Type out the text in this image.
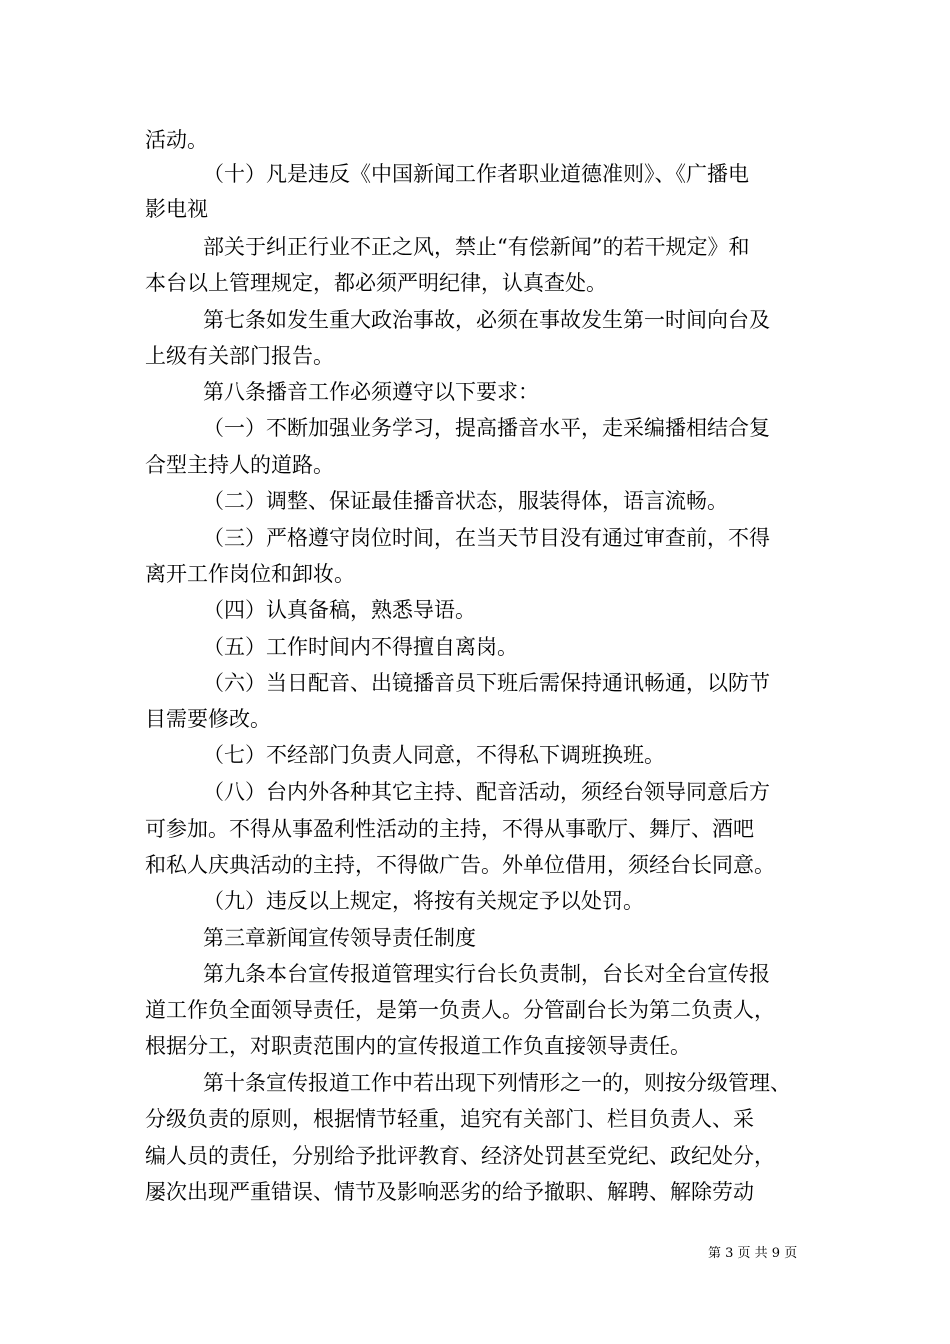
活动。
（十）凡是违反《中国新闻工作者职业道德准则》、《广播电
影电视
部关于纠正行业不正之风，禁止“有偿新闻”的若干规定》和
本台以上管理规定，都必须严明纪律，认真查处。
第七条如发生重大政治事故，必须在事故发生第一时间向台及
上级有关部门报告。
第八条播音工作必须遵守以下要求：
（一）不断加强业务学习，提高播音水平，走采编播相结合复
合型主持人的道路。
（二）调整、保证最佳播音状态，服装得体，语言流畅。
（三）严格遵守岗位时间，在当天节目没有通过审查前，不得
离开工作岗位和卸妆。
（四）认真备稿，熟悉导语。
（五）工作时间内不得擅自离岗。
（六）当日配音、出镜播音员下班后需保持通讯畅通，以防节
目需要修改。
（七）不经部门负责人同意，不得私下调班换班。
（八）台内外各种其它主持、配音活动，须经台领导同意后方
可参加。不得从事盈利性活动的主持，不得从事歌厅、舞厅、酒吧
和私人庆典活动的主持，不得做广告。外单位借用，须经台长同意。
（九）违反以上规定，将按有关规定予以处罚。
第三章新闻宣传领导责任制度
第九条本台宣传报道管理实行台长负责制，台长对全台宣传报
道工作负全面领导责任，是第一负责人。分管副台长为第二负责人，
根据分工，对职责范围内的宣传报道工作负直接领导责任。
第十条宣传报道工作中若出现下列情形之一的，则按分级管理、
分级负责的原则，根据情节轻重，追究有关部门、栏目负责人、采
编人员的责任，分别给予批评教育、经济处罚甚至党纪、政纪处分，
屡次出现严重错误、情节及影响恶劣的给予撤职、解聘、解除劳动
第 3 页 共 9 页
